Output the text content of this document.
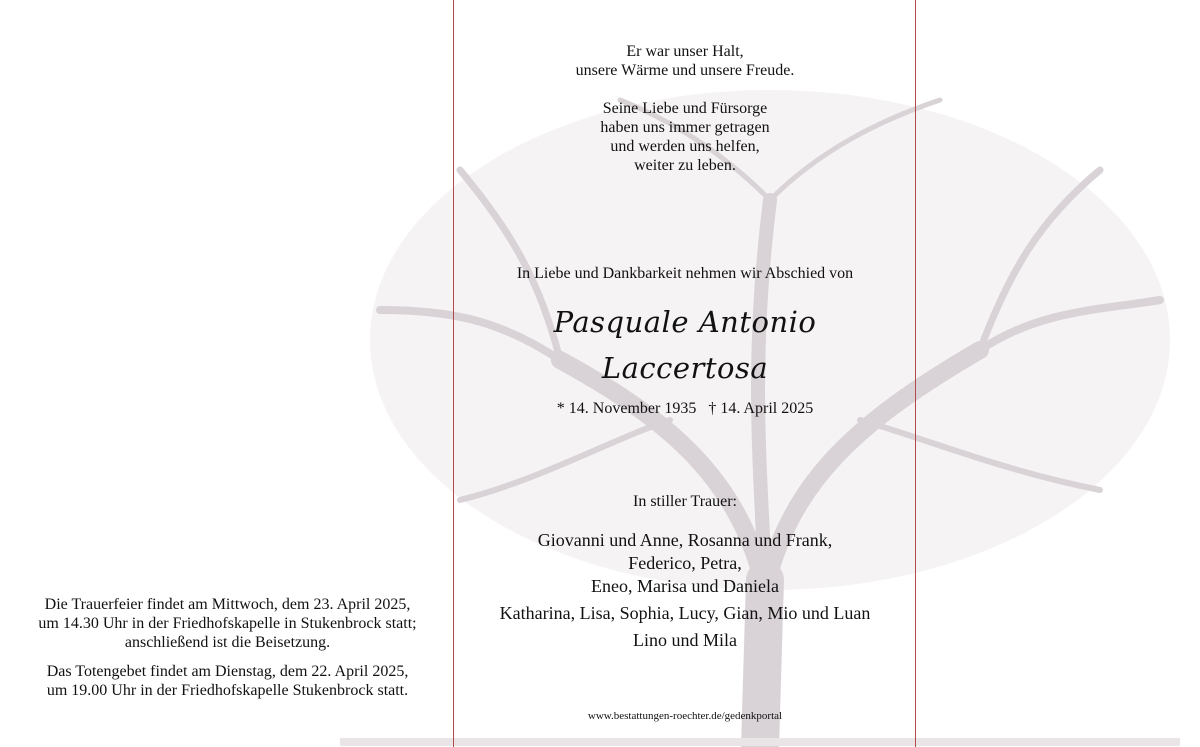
Er war unser Halt,
unsere Wärme und unsere Freude.
Seine Liebe und Fürsorge
haben uns immer getragen
und werden uns helfen,
weiter zu leben.
In Liebe und Dankbarkeit nehmen wir Abschied von
Pasquale Antonio
Laccertosa
* 14. November 1935   † 14. April 2025
In stiller Trauer:
Giovanni und Anne, Rosanna und Frank,
Federico, Petra,
Eneo, Marisa und Daniela
Katharina, Lisa, Sophia, Lucy, Gian, Mio und Luan
Lino und Mila
www.bestattungen-roechter.de/gedenkportal
Die Trauerfeier findet am Mittwoch, dem 23. April 2025,
um 14.30 Uhr in der Friedhofskapelle in Stukenbrock statt;
anschließend ist die Beisetzung.
Das Totengebet findet am Dienstag, dem 22. April 2025,
um 19.00 Uhr in der Friedhofskapelle Stukenbrock statt.
